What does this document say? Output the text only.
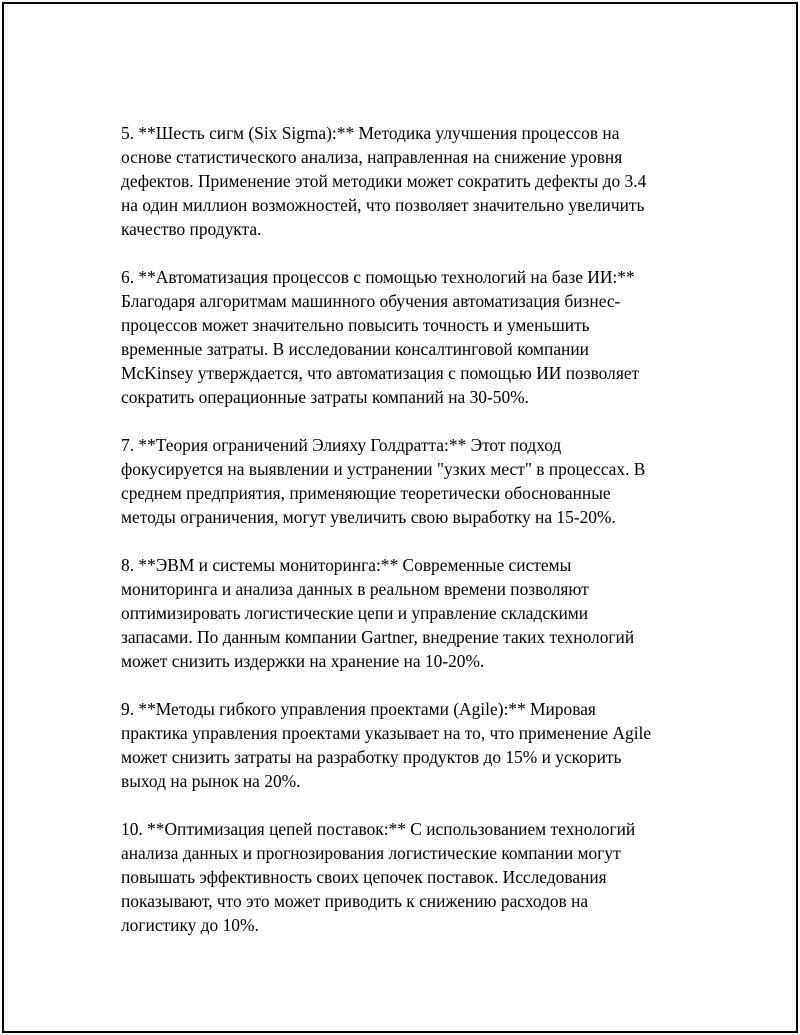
5. **Шесть сигм (Six Sigma):** Методика улучшения процессов на
основе статистического анализа, направленная на снижение уровня
дефектов. Применение этой методики может сократить дефекты до 3.4
на один миллион возможностей, что позволяет значительно увеличить
качество продукта.

6. **Автоматизация процессов с помощью технологий на базе ИИ:**
Благодаря алгоритмам машинного обучения автоматизация бизнес-
процессов может значительно повысить точность и уменьшить
временные затраты. В исследовании консалтинговой компании
McKinsey утверждается, что автоматизация с помощью ИИ позволяет
сократить операционные затраты компаний на 30-50%.

7. **Теория ограничений Элияху Голдратта:** Этот подход
фокусируется на выявлении и устранении "узких мест" в процессах. В
среднем предприятия, применяющие теоретически обоснованные
методы ограничения, могут увеличить свою выработку на 15-20%.

8. **ЭВМ и системы мониторинга:** Современные системы
мониторинга и анализа данных в реальном времени позволяют
оптимизировать логистические цепи и управление складскими
запасами. По данным компании Gartner, внедрение таких технологий
может снизить издержки на хранение на 10-20%.

9. **Методы гибкого управления проектами (Agile):** Мировая
практика управления проектами указывает на то, что применение Agile
может снизить затраты на разработку продуктов до 15% и ускорить
выход на рынок на 20%.

10. **Оптимизация цепей поставок:** С использованием технологий
анализа данных и прогнозирования логистические компании могут
повышать эффективность своих цепочек поставок. Исследования
показывают, что это может приводить к снижению расходов на
логистику до 10%.
